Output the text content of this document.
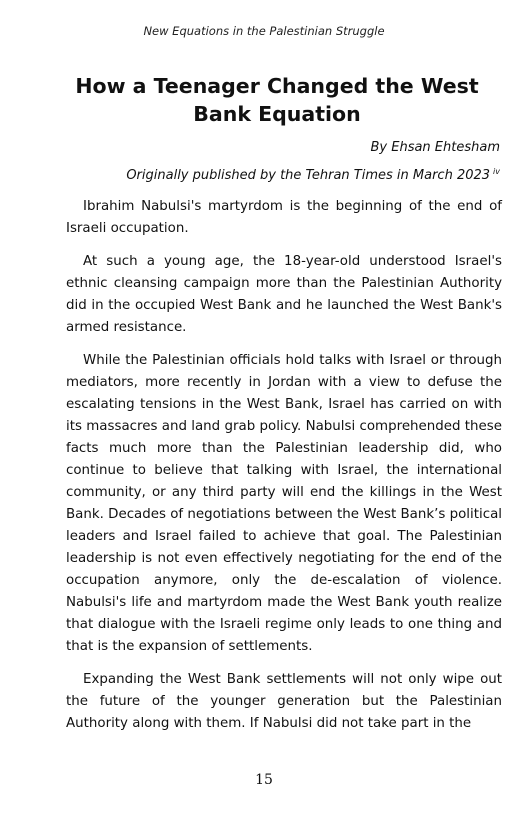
New Equations in the Palestinian Struggle
How a Teenager Changed the West Bank Equation

By Ehsan Ehtesham

Originally published by the Tehran Times in March 2023 $^{iv}$

Ibrahim Nabulsi's martyrdom is the beginning of the end of Israeli occupation.

At such a young age, the 18-year-old understood Israel's ethnic cleansing campaign more than the Palestinian Authority did in the occupied West Bank and he launched the West Bank's armed resistance.

While the Palestinian officials hold talks with Israel or through mediators, more recently in Jordan with a view to defuse the escalating tensions in the West Bank, Israel has carried on with its massacres and land grab policy. Nabulsi comprehended these facts much more than the Palestinian leadership did, who continue to believe that talking with Israel, the international community, or any third party will end the killings in the West Bank. Decades of negotiations between the West Bank’s political leaders and Israel failed to achieve that goal. The Palestinian leadership is not even effectively negotiating for the end of the occupation anymore, only the de-escalation of violence. Nabulsi's life and martyrdom made the West Bank youth realize that dialogue with the Israeli regime only leads to one thing and that is the expansion of settlements.

Expanding the West Bank settlements will not only wipe out the future of the younger generation but the Palestinian Authority along with them. If Nabulsi did not take part in the

15
